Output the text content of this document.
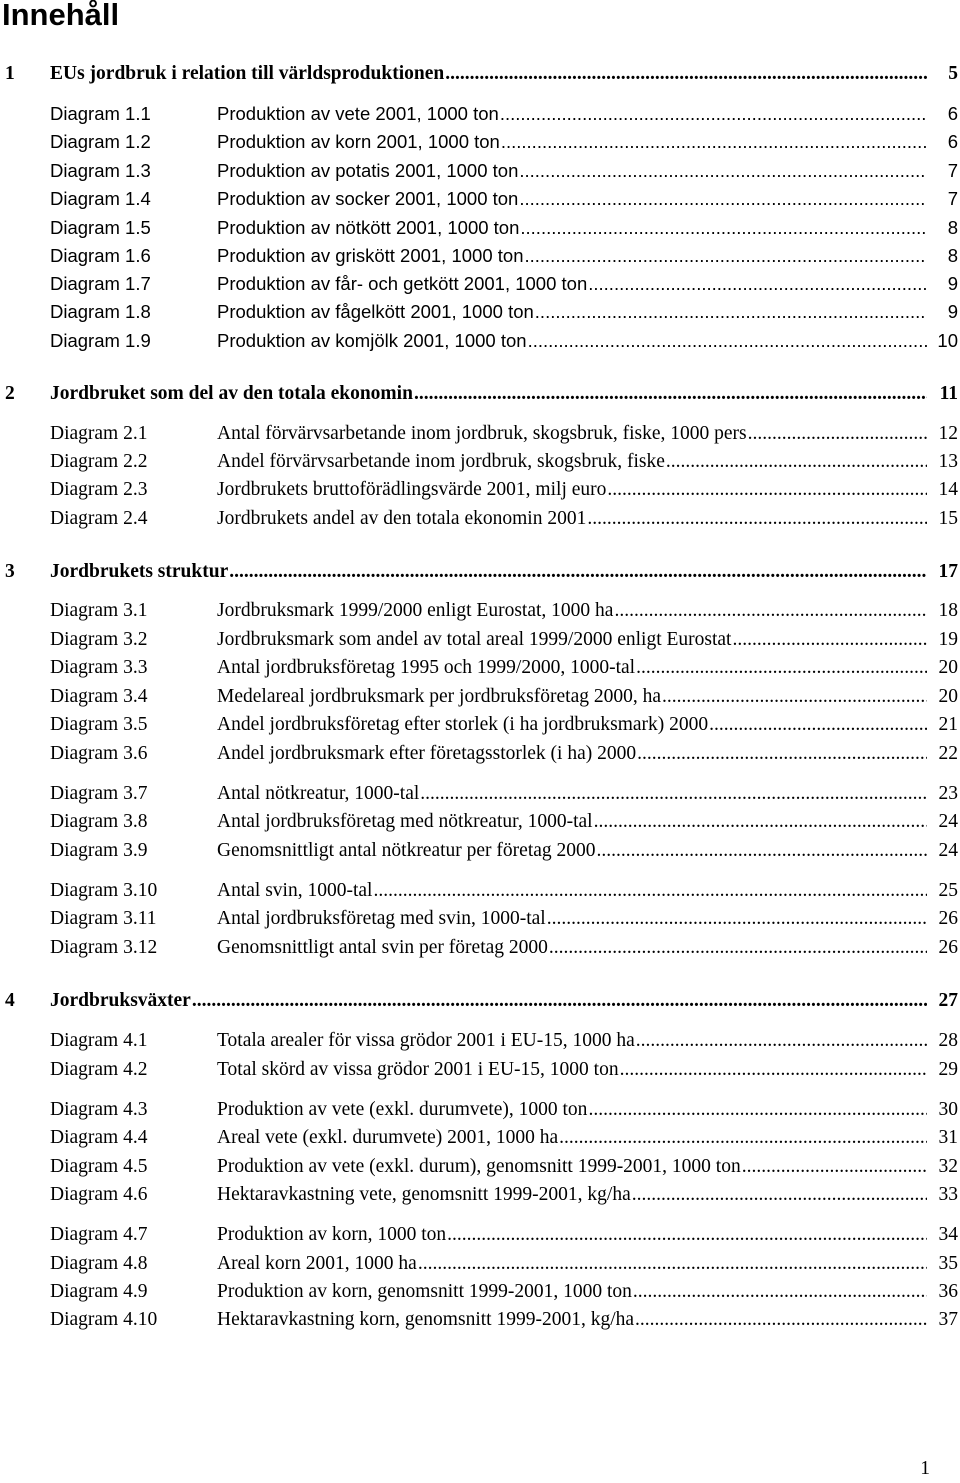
Innehåll
1 EUs jordbruk i relation till världsproduktionen .....	5
Diagram 1.1	Produktion av vete 2001, 1000 ton .....	6
Diagram 1.2	Produktion av korn 2001, 1000 ton .....	6
Diagram 1.3	Produktion av potatis 2001, 1000 ton .....	7
Diagram 1.4	Produktion av socker 2001, 1000 ton .....	7
Diagram 1.5	Produktion av nötkött 2001, 1000 ton .....	8
Diagram 1.6	Produktion av griskött 2001, 1000 ton .....	8
Diagram 1.7	Produktion av får- och getkött 2001, 1000 ton .....	9
Diagram 1.8	Produktion av fågelkött 2001, 1000 ton .....	9
Diagram 1.9	Produktion av komjölk 2001, 1000 ton .....	10
2 Jordbruket som del av den totala ekonomin .....	11
Diagram 2.1	Antal förvärvsarbetande inom jordbruk, skogsbruk, fiske, 1000 pers .....	12
Diagram 2.2	Andel förvärvsarbetande inom jordbruk, skogsbruk, fiske .....	13
Diagram 2.3	Jordbrukets bruttoförädlingsvärde 2001, milj euro .....	14
Diagram 2.4	Jordbrukets andel av den totala ekonomin 2001 .....	15
3 Jordbrukets struktur .....	17
Diagram 3.1	Jordbruksmark 1999/2000 enligt Eurostat, 1000 ha .....	18
Diagram 3.2	Jordbruksmark som andel av total areal 1999/2000 enligt Eurostat .....	19
Diagram 3.3	Antal jordbruksföretag 1995 och 1999/2000, 1000-tal .....	20
Diagram 3.4	Medelareal jordbruksmark per jordbruksföretag 2000, ha .....	20
Diagram 3.5	Andel jordbruksföretag efter storlek (i ha jordbruksmark) 2000 .....	21
Diagram 3.6	Andel jordbruksmark efter företagsstorlek (i ha) 2000 .....	22
Diagram 3.7	Antal nötkreatur, 1000-tal .....	23
Diagram 3.8	Antal jordbruksföretag med nötkreatur, 1000-tal .....	24
Diagram 3.9	Genomsnittligt antal nötkreatur per företag 2000 .....	24
Diagram 3.10	Antal svin, 1000-tal .....	25
Diagram 3.11	Antal jordbruksföretag med svin, 1000-tal .....	26
Diagram 3.12	Genomsnittligt antal svin per företag 2000 .....	26
4 Jordbruksväxter .....	27
Diagram 4.1	Totala arealer för vissa grödor 2001 i EU-15, 1000 ha .....	28
Diagram 4.2	Total skörd av vissa grödor 2001 i EU-15, 1000 ton .....	29
Diagram 4.3	Produktion av vete (exkl. durumvete), 1000 ton .....	30
Diagram 4.4	Areal vete (exkl. durumvete) 2001, 1000 ha .....	31
Diagram 4.5	Produktion av vete (exkl. durum), genomsnitt 1999-2001, 1000 ton .....	32
Diagram 4.6	Hektaravkastning vete, genomsnitt 1999-2001, kg/ha .....	33
Diagram 4.7	Produktion av korn, 1000 ton .....	34
Diagram 4.8	Areal korn 2001, 1000 ha .....	35
Diagram 4.9	Produktion av korn, genomsnitt 1999-2001, 1000 ton .....	36
Diagram 4.10	Hektaravkastning korn, genomsnitt 1999-2001, kg/ha .....	37
1
